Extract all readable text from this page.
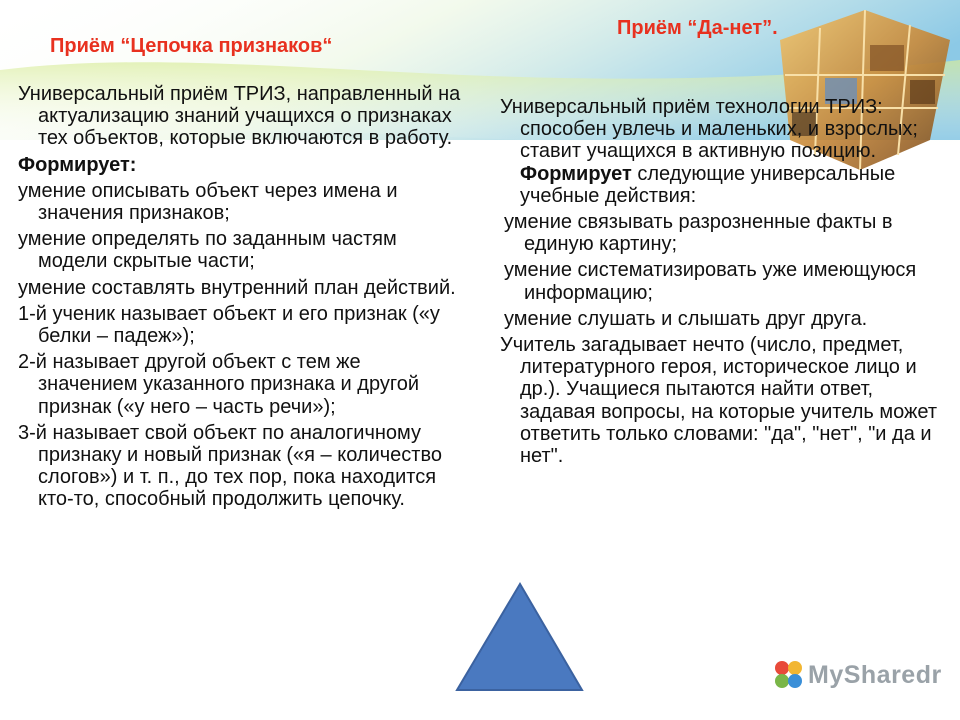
Приём “Цепочка признаков“

Приём “Да-нет”.

Универсальный приём ТРИЗ, направленный на актуализацию знаний учащихся о признаках тех объектов, которые включаются в работу.

Формирует:

умение описывать объект через имена и значения признаков;

умение определять по заданным частям модели скрытые части;

умение составлять внутренний план действий.

1-й ученик называет объект и его признак («у белки – падеж»);

2-й называет другой объект с тем же значением указанного признака и другой признак («у него – часть речи»);

3-й называет свой объект по аналогичному признаку и новый признак («я – количество слогов») и т. п., до тех пор, пока находится кто-то, способный продолжить цепочку.

Универсальный приём технологии ТРИЗ: способен увлечь и маленьких, и взрослых; ставит учащихся в активную позицию. Формирует следующие универсальные учебные действия:

умение связывать разрозненные факты в единую картину;

умение систематизировать уже имеющуюся информацию;

умение слушать и слышать друг друга.

Учитель загадывает нечто (число, предмет, литературного героя, историческое лицо и др.). Учащиеся пытаются найти ответ, задавая вопросы, на которые учитель может ответить только словами: "да", "нет", "и да и нет".

MySharedr
